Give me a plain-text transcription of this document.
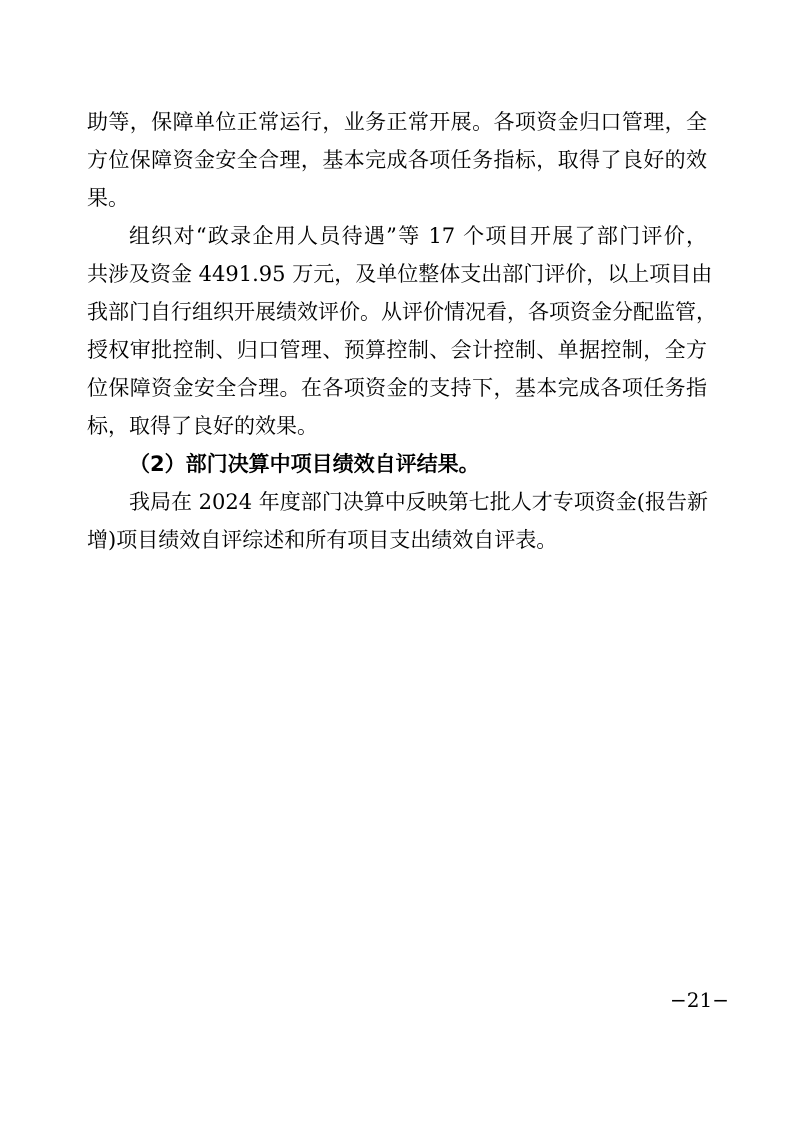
助等，保障单位正常运行，业务正常开展。各项资金归口管理，全
方位保障资金安全合理，基本完成各项任务指标，取得了良好的效
果。
组织对“政录企用人员待遇”等 17 个项目开展了部门评价，
共涉及资金 4491.95 万元，及单位整体支出部门评价，以上项目由
我部门自行组织开展绩效评价。从评价情况看，各项资金分配监管，
授权审批控制、归口管理、预算控制、会计控制、单据控制，全方
位保障资金安全合理。在各项资金的支持下，基本完成各项任务指
标，取得了良好的效果。
（2）部门决算中项目绩效自评结果。
我局在 2024 年度部门决算中反映第七批人才专项资金(报告新
增)项目绩效自评综述和所有项目支出绩效自评表。
−21−
